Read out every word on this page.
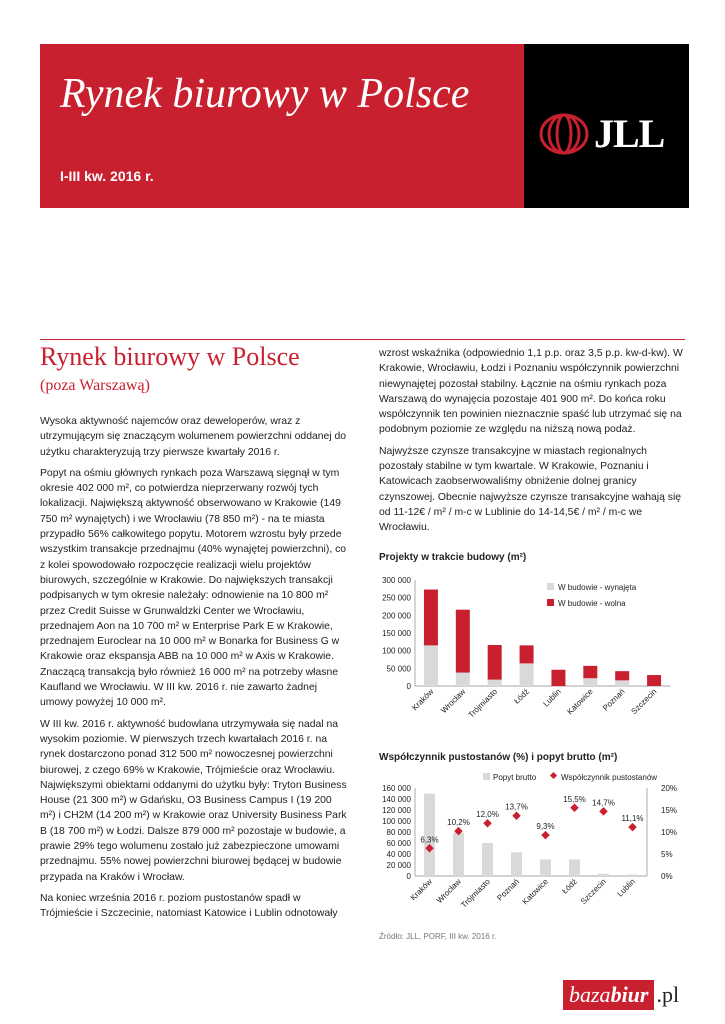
Rynek biurowy w Polsce
I-III kw. 2016 r.
JLL
Rynek biurowy w Polsce
(poza Warszawą)

Wysoka aktywność najemców oraz deweloperów, wraz z utrzymującym się znaczącym wolumenem powierzchni oddanej do użytku charakteryzują trzy pierwsze kwartały 2016 r.

Popyt na ośmiu głównych rynkach poza Warszawą sięgnął w tym okresie 402 000 m², co potwierdza nieprzerwany rozwój tych lokalizacji. Największą aktywność obserwowano w Krakowie (149 750 m² wynajętych) i we Wrocławiu (78 850 m²) - na te miasta przypadło 56% całkowitego popytu. Motorem wzrostu były przede wszystkim transakcje przednajmu (40% wynajętej powierzchni), co z kolei spowodowało rozpoczęcie realizacji wielu projektów biurowych, szczególnie w Krakowie. Do największych transakcji podpisanych w tym okresie należały: odnowienie na 10 800 m² przez Credit Suisse w Grunwaldzki Center we Wrocławiu, przednajem Aon na 10 700 m² w Enterprise Park E w Krakowie, przednajem Euroclear na 10 000 m² w Bonarka for Business G w Krakowie oraz ekspansja ABB na 10 000 m² w Axis w Krakowie. Znaczącą transakcją było również 16 000 m² na potrzeby własne Kaufland we Wrocławiu. W III kw. 2016 r. nie zawarto żadnej umowy powyżej 10 000 m².

W III kw. 2016 r. aktywność budowlana utrzymywała się nadal na wysokim poziomie. W pierwszych trzech kwartałach 2016 r. na rynek dostarczono ponad 312 500 m² nowoczesnej powierzchni biurowej, z czego 69% w Krakowie, Trójmieście oraz Wrocławiu. Największymi obiektami oddanymi do użytku były: Tryton Business House (21 300 m²) w Gdańsku, O3 Business Campus I (19 200 m²) i CH2M (14 200 m²) w Krakowie oraz University Business Park B (18 700 m²) w Łodzi. Dalsze 879 000 m² pozostaje w budowie, a prawie 29% tego wolumenu zostało już zabezpieczone umowami przednajmu. 55% nowej powierzchni biurowej będącej w budowie przypada na Kraków i Wrocław.

Na koniec września 2016 r. poziom pustostanów spadł w Trójmieście i Szczecinie, natomiast Katowice i Lublin odnotowały

wzrost wskaźnika (odpowiednio 1,1 p.p. oraz 3,5 p.p. kw-d-kw). W Krakowie, Wrocławiu, Łodzi i Poznaniu współczynnik powierzchni niewynajętej pozostał stabilny. Łącznie na ośmiu rynkach poza Warszawą do wynajęcia pozostaje 401 900 m². Do końca roku współczynnik ten powinien nieznacznie spaść lub utrzymać się na podobnym poziomie ze względu na niższą nową podaż.

Najwyższe czynsze transakcyjne w miastach regionalnych pozostały stabilne w tym kwartale. W Krakowie, Poznaniu i Katowicach zaobserwowaliśmy obniżenie dolnej granicy czynszowej. Obecnie najwyższe czynsze transakcyjne wahają się od 11-12€ / m² / m-c w Lublinie do 14-14,5€ / m² / m-c we Wrocławiu.

Projekty w trakcie budowy (m²)
0
50 000
100 000
150 000
200 000
250 000
300 000
Kraków Wrocław Trójmiasto Łódź Lublin Katowice Poznań Szczecin
W budowie - wynajęta
W budowie - wolna
Współczynnik pustostanów (%) i popyt brutto (m²)
0
20 000
40 000
60 000
80 000
100 000
120 000
140 000
160 000
0%
5%
10%
15%
20%
6,3%
Kraków
10,2%
Wrocław
12,0%
Trójmiasto
13,7%
Poznań
9,3%
Katowice
15,5%
Łódź
14,7%
Szczecin
11,1%
Lublin
Popyt brutto	Współczynnik pustostanów
Źródło: JLL, PORF, III kw. 2016 r.
bazabiur .pl
